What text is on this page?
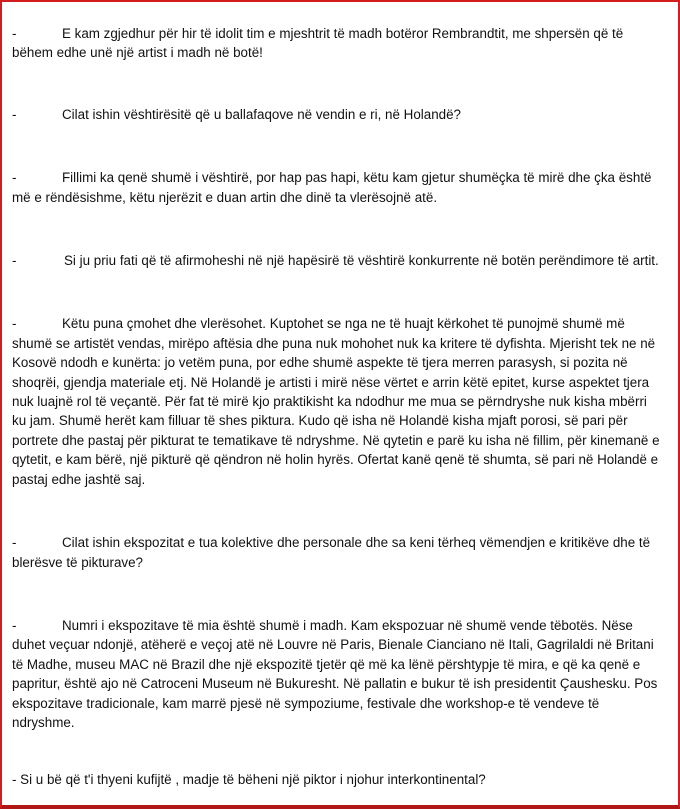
-	E kam zgjedhur për hir të idolit tim e mjeshtrit të madh botëror Rembrandtit, me shpersën që të bëhem edhe unë një artist i madh në botë!

-	Cilat ishin vështirësitë që u ballafaqove në vendin e ri, në Holandë?

-	Fillimi ka qenë shumë i vështirë, por hap pas hapi, këtu kam gjetur shumëçka të mirë dhe çka është më e rëndësishme, këtu njerëzit e duan artin dhe dinë ta vlerësojnë atë.

-	Si ju priu fati që të afirmoheshi në një hapësirë të vështirë konkurrente në botën perëndimore të artit.

-	Këtu puna çmohet dhe vlerësohet. Kuptohet se nga ne të huajt kërkohet të punojmë shumë më shumë se artistët vendas, mirëpo aftësia dhe puna nuk mohohet nuk ka kritere të dyfishta. Mjerisht tek ne në Kosovë ndodh e kunërta: jo vetëm puna, por edhe shumë aspekte të tjera merren parasysh, si pozita në shoqrëi, gjendja materiale etj. Në Holandë je artisti i mirë nëse vërtet e arrin këtë epitet, kurse aspektet tjera nuk luajnë rol të veçantë. Për fat të mirë kjo praktikisht ka ndodhur me mua se përndryshe nuk kisha mbërri ku jam. Shumë herët kam filluar të shes piktura. Kudo që isha në Holandë kisha mjaft porosi, së pari për portrete dhe pastaj për pikturat te tematikave të ndryshme. Në qytetin e parë ku isha në fillim, për kinemanë e qytetit, e kam bërë, një pikturë që qëndron në holin hyrës. Ofertat kanë qenë të shumta, së pari në Holandë e pastaj edhe jashtë saj.

-	Cilat ishin ekspozitat e tua kolektive dhe personale dhe sa keni tërheq vëmendjen e kritikëve dhe të blerësve të pikturave?

-	Numri i ekspozitave të mia është shumë i madh. Kam ekspozuar në shumë vende tëbotës. Nëse duhet veçuar ndonjë, atëherë e veçoj atë në Louvre në Paris, Bienale Cianciano në Itali, Gagrilaldi në Britani të Madhe, museu MAC në Brazil dhe një ekspozitë tjetër që më ka lënë përshtypje të mira, e që ka qenë e papritur, është ajo në Catroceni Museum në Bukuresht. Në pallatin e bukur të ish presidentit Çaushesku. Pos ekspozitave tradicionale, kam marrë pjesë në sympoziume, festivale dhe workshop-e të vendeve të ndryshme.

- Si u bë që t'i thyeni kufijtë , madje të bëheni një piktor i njohur interkontinental?
